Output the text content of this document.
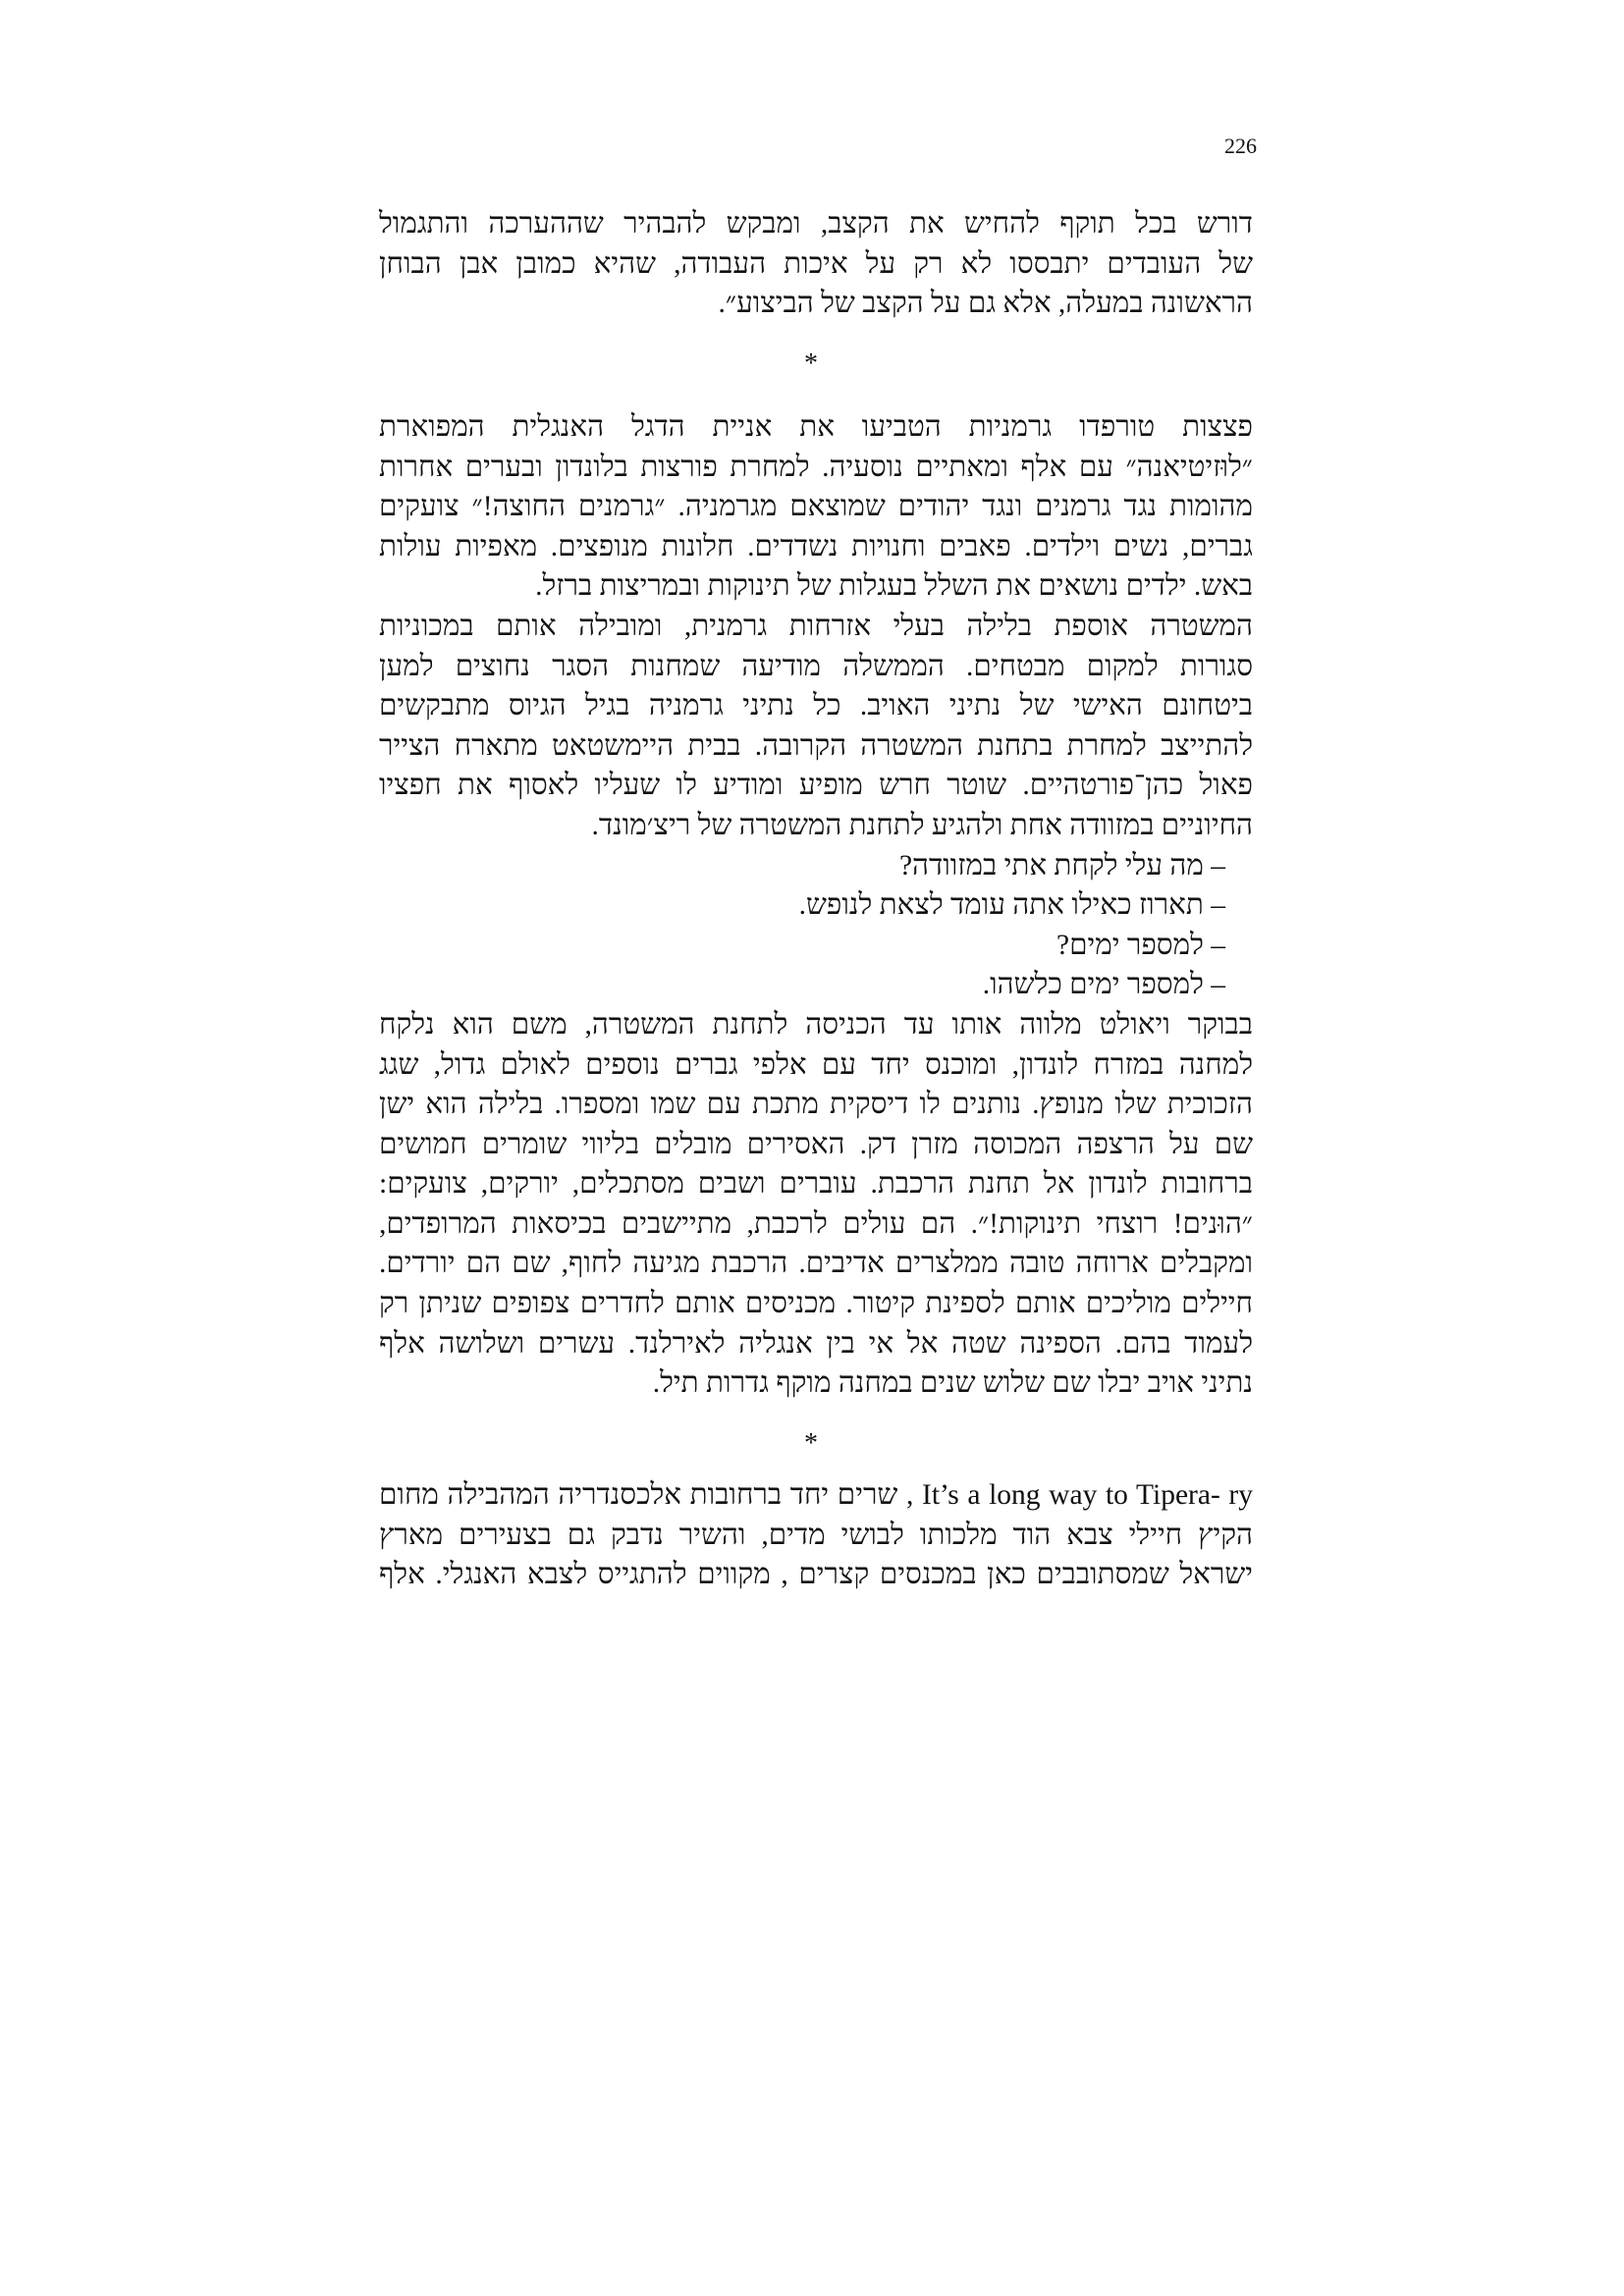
226
דורש בכל תוקף להחיש את הקצב, ומבקש להבהיר שההערכה והתגמול
של העובדים יתבססו לא רק על איכות העבודה, שהיא כמובן אבן הבוחן
הראשונה במעלה, אלא גם על הקצב של הביצוע״.
*
פצצות טורפדו גרמניות הטביעו את אניית הדגל האנגלית המפוארת
״לוּזיטיאנה״ עם אלף ומאתיים נוסעיה. למחרת פורצות בלונדון ובערים אחרות
מהומות נגד גרמנים ונגד יהודים שמוצאם מגרמניה. ״גרמנים החוצה!״ צועקים
גברים, נשים וילדים. פאבים וחנויות נשדדים. חלונות מנופצים. מאפיות עולות
באש. ילדים נושאים את השלל בעגלות של תינוקות ובמריצות ברזל.
המשטרה אוספת בלילה בעלי אזרחות גרמנית, ומובילה אותם במכוניות
סגורות למקום מבטחים. הממשלה מודיעה שמחנות הסגר נחוצים למען
ביטחונם האישי של נתיני האויב. כל נתיני גרמניה בגיל הגיוס מתבקשים
להתייצב למחרת בתחנת המשטרה הקרובה. בבית היימשטאט מתארח הצייר
פאול כהן־פורטהיים. שוטר חרש מופיע ומודיע לו שעליו לאסוף את חפציו
החיוניים במזוודה אחת ולהגיע לתחנת המשטרה של ריצ׳מונד.
– מה עלי לקחת אתי במזוודה?
– תארוז כאילו אתה עומד לצאת לנופש.
– למספר ימים?
– למספר ימים כלשהו.
בבוקר ויאולט מלווה אותו עד הכניסה לתחנת המשטרה, משם הוא נלקח
למחנה במזרח לונדון, ומוכנס יחד עם אלפי גברים נוספים לאולם גדול, שגג
הזכוכית שלו מנופץ. נותנים לו דיסקית מתכת עם שמו ומספרו. בלילה הוא ישן
שם על הרצפה המכוסה מזרן דק. האסירים מובלים בליווי שומרים חמושים
ברחובות לונדון אל תחנת הרכבת. עוברים ושבים מסתכלים, יורקים, צועקים:
״הוּנים! רוצחי תינוקות!״. הם עולים לרכבת, מתיישבים בכיסאות המרופדים,
ומקבלים ארוחה טובה ממלצרים אדיבים. הרכבת מגיעה לחוף, שם הם יורדים.
חיילים מוליכים אותם לספינת קיטור. מכניסים אותם לחדרים צפופים שניתן רק
לעמוד בהם. הספינה שטה אל אי בין אנגליה לאירלנד. עשרים ושלושה אלף
נתיני אויב יבלו שם שלוש שנים במחנה מוקף גדרות תיל.
*
It’s a long way to Tipera- ry , שרים יחד ברחובות אלכסנדריה המהבילה מחום
הקיץ חיילי צבא הוד מלכותו לבושי מדים, והשיר נדבק גם בצעירים מארץ
ישראל שמסתובבים כאן במכנסים קצרים , מקווים להתגייס לצבא האנגלי. אלף
